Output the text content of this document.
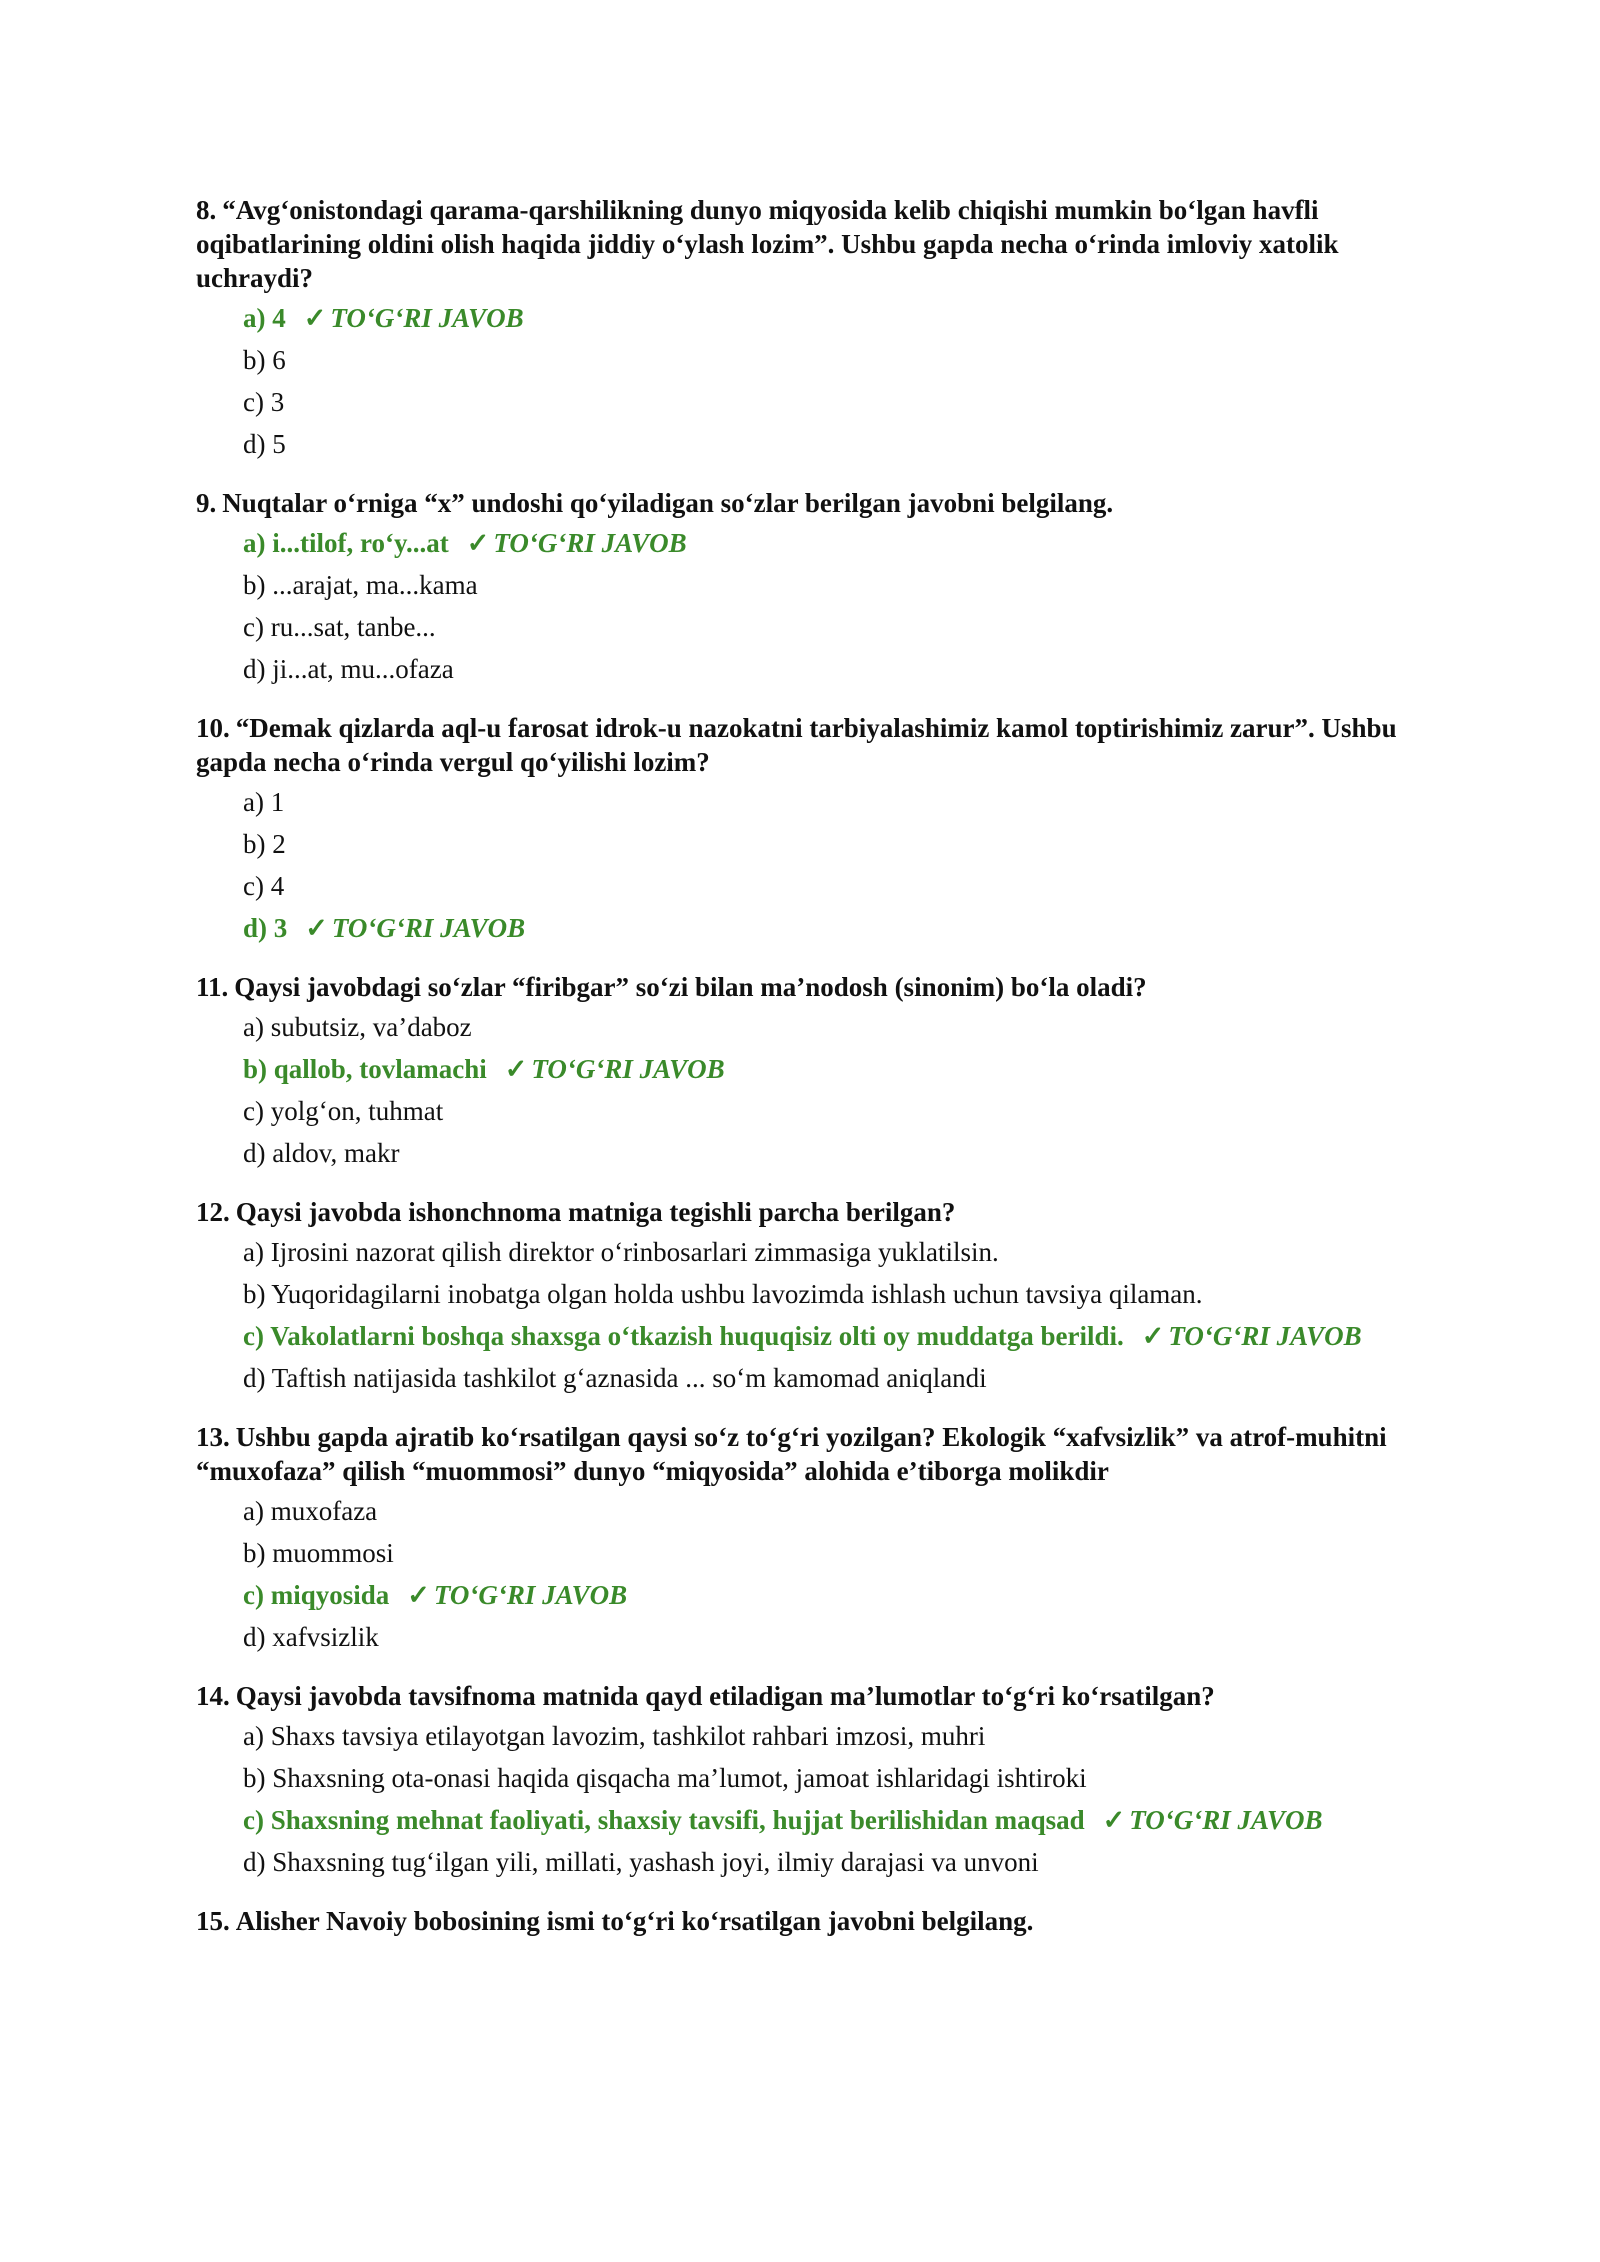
8. “Avg‘onistondagi qarama-qarshilikning dunyo miqyosida kelib chiqishi mumkin bo‘lgan havfli oqibatlarining oldini olish haqida jiddiy o‘ylash lozim”. Ushbu gapda necha o‘rinda imloviy xatolik uchraydi?
a) 4 ✓ TO‘G‘RI JAVOB
b) 6
c) 3
d) 5
9. Nuqtalar o‘rniga “x” undoshi qo‘yiladigan so‘zlar berilgan javobni belgilang.
a) i...tilof, ro‘y...at ✓ TO‘G‘RI JAVOB
b) ...arajat, ma...kama
c) ru...sat, tanbe...
d) ji...at, mu...ofaza
10. “Demak qizlarda aql-u farosat idrok-u nazokatni tarbiyalashimiz kamol toptirishimiz zarur”. Ushbu gapda necha o‘rinda vergul qo‘yilishi lozim?
a) 1
b) 2
c) 4
d) 3 ✓ TO‘G‘RI JAVOB
11. Qaysi javobdagi so‘zlar “firibgar” so‘zi bilan ma’nodosh (sinonim) bo‘la oladi?
a) subutsiz, va’daboz
b) qallob, tovlamachi ✓ TO‘G‘RI JAVOB
c) yolg‘on, tuhmat
d) aldov, makr
12. Qaysi javobda ishonchnoma matniga tegishli parcha berilgan?
a) Ijrosini nazorat qilish direktor o‘rinbosarlari zimmasiga yuklatilsin.
b) Yuqoridagilarni inobatga olgan holda ushbu lavozimda ishlash uchun tavsiya qilaman.
c) Vakolatlarni boshqa shaxsga o‘tkazish huquqisiz olti oy muddatga berildi. ✓ TO‘G‘RI JAVOB
d) Taftish natijasida tashkilot g‘aznasida ... so‘m kamomad aniqlandi
13. Ushbu gapda ajratib ko‘rsatilgan qaysi so‘z to‘g‘ri yozilgan? Ekologik “xafvsizlik” va atrof-muhitni “muxofaza” qilish “muommosi” dunyo “miqyosida” alohida e’tiborga molikdir
a) muxofaza
b) muommosi
c) miqyosida ✓ TO‘G‘RI JAVOB
d) xafvsizlik
14. Qaysi javobda tavsifnoma matnida qayd etiladigan ma’lumotlar to‘g‘ri ko‘rsatilgan?
a) Shaxs tavsiya etilayotgan lavozim, tashkilot rahbari imzosi, muhri
b) Shaxsning ota-onasi haqida qisqacha ma’lumot, jamoat ishlaridagi ishtiroki
c) Shaxsning mehnat faoliyati, shaxsiy tavsifi, hujjat berilishidan maqsad ✓ TO‘G‘RI JAVOB
d) Shaxsning tug‘ilgan yili, millati, yashash joyi, ilmiy darajasi va unvoni
15. Alisher Navoiy bobosining ismi to‘g‘ri ko‘rsatilgan javobni belgilang.
